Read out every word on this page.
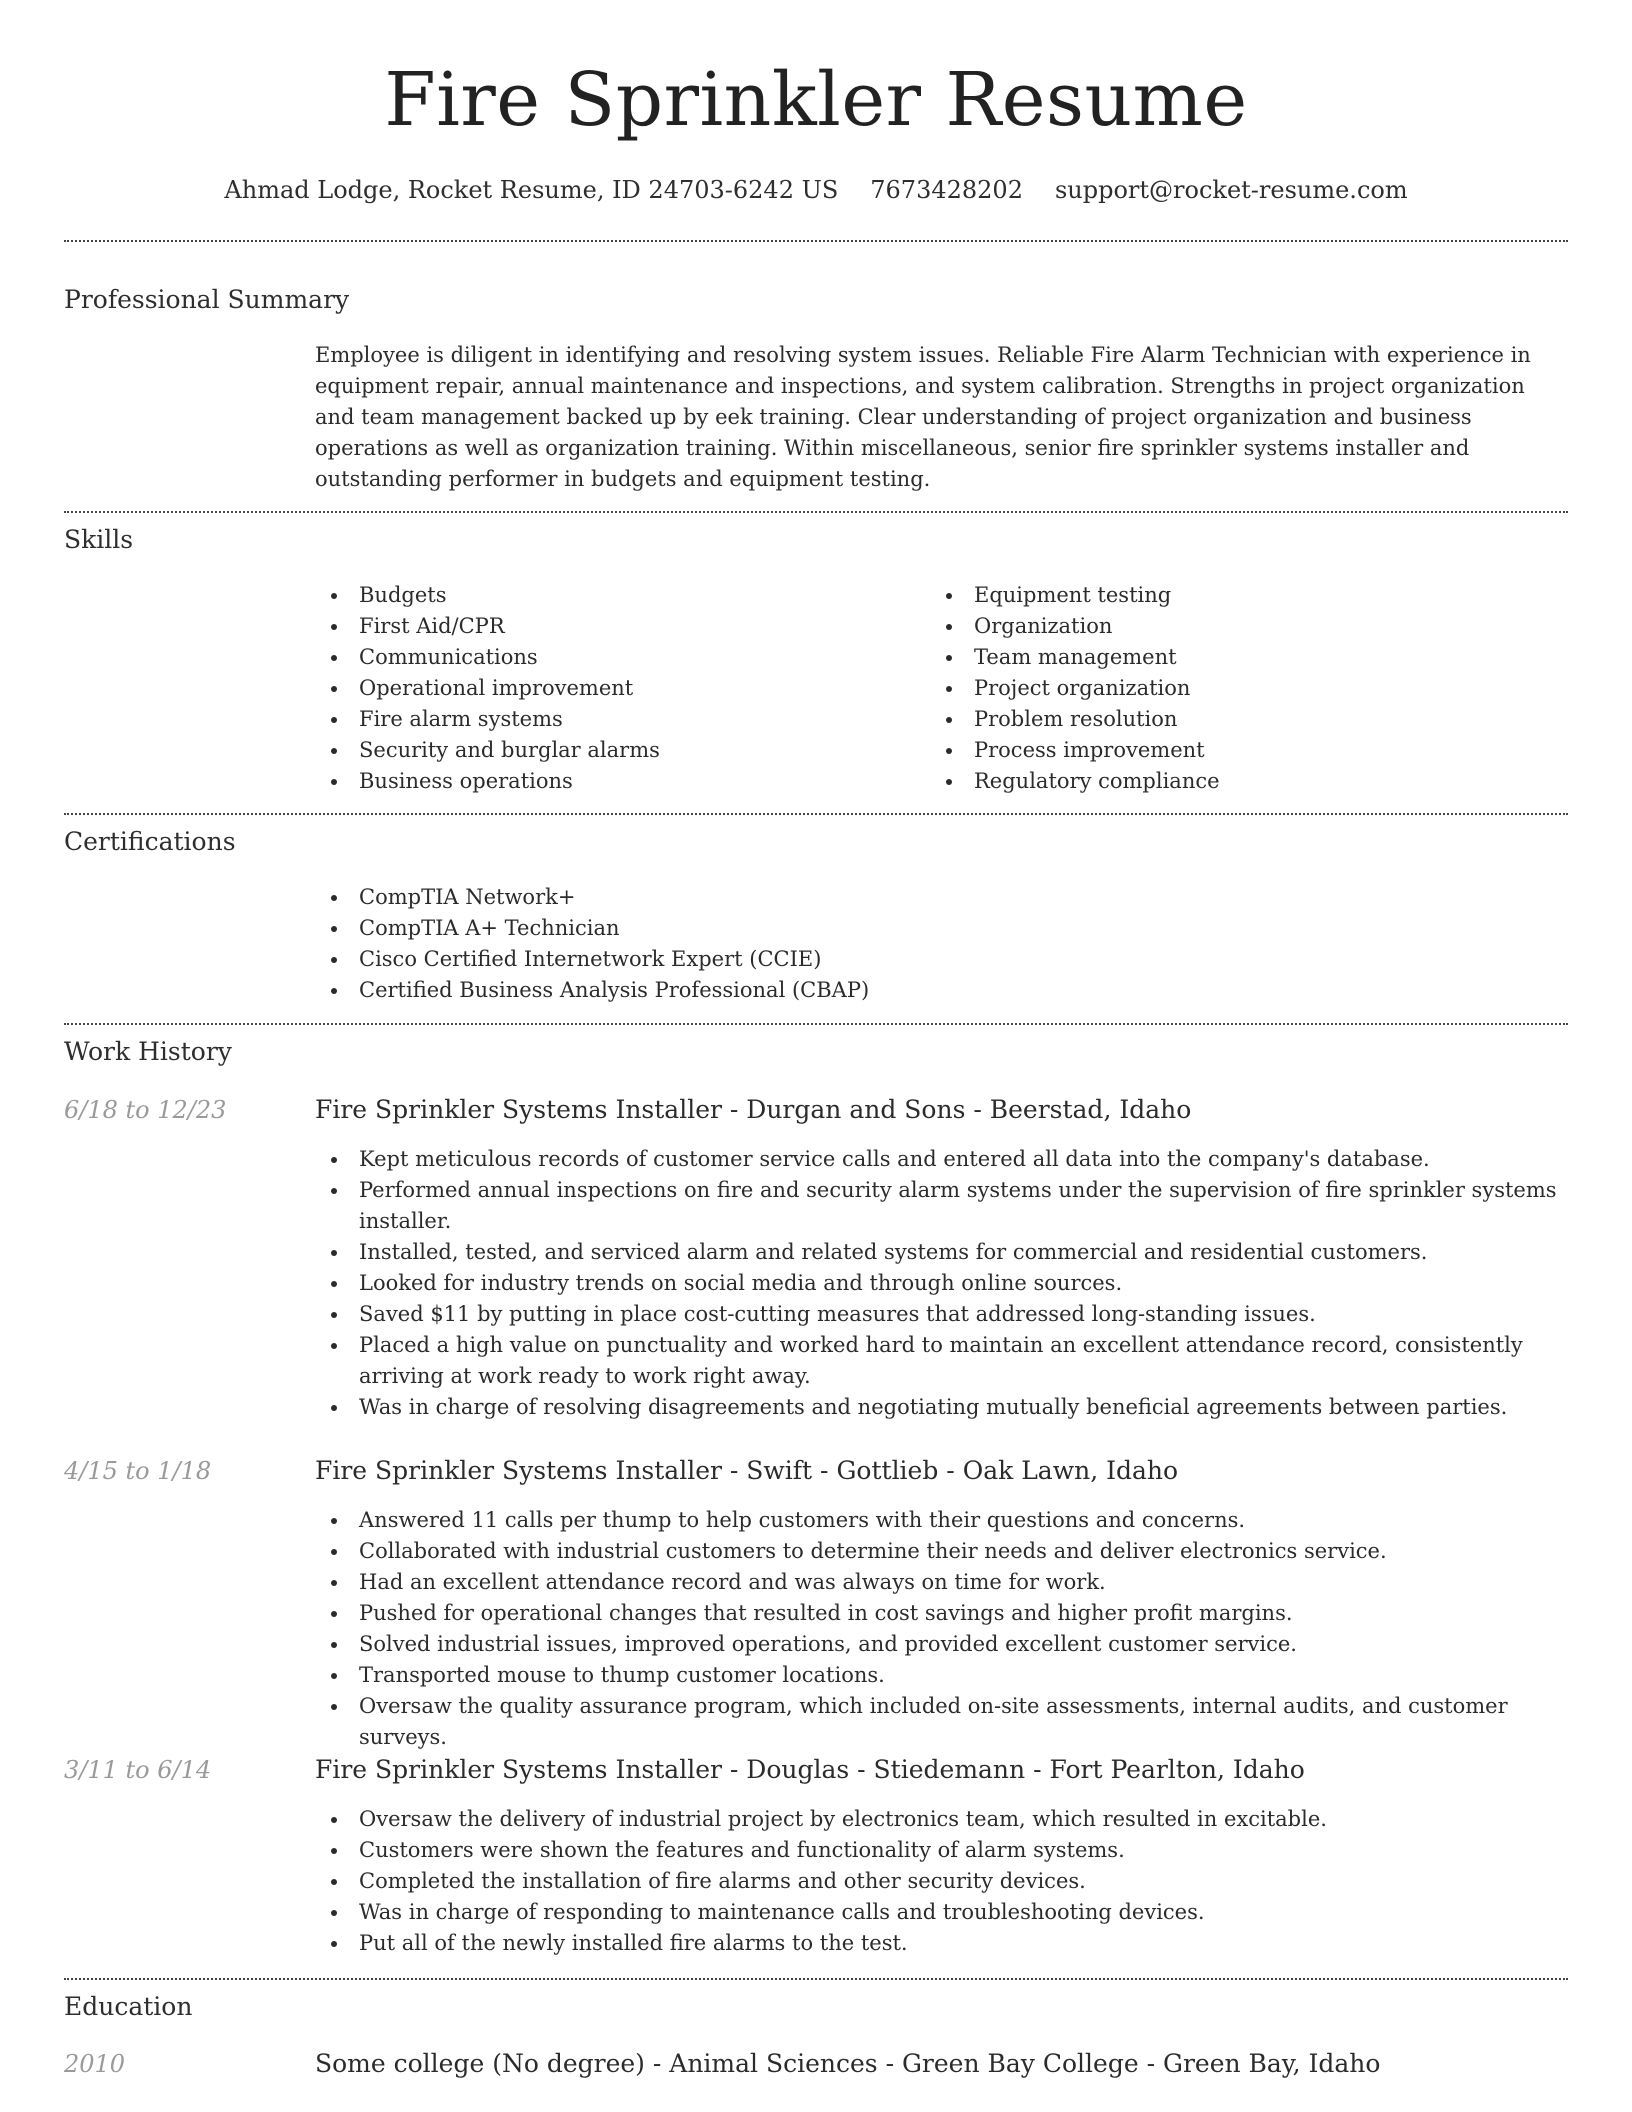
Fire Sprinkler Resume
Ahmad Lodge, Rocket Resume, ID 24703-6242 US 7673428202 support@rocket-resume.com
Professional Summary

Employee is diligent in identifying and resolving system issues. Reliable Fire Alarm Technician with experience in equipment repair, annual maintenance and inspections, and system calibration. Strengths in project organization and team management backed up by eek training. Clear understanding of project organization and business operations as well as organization training. Within miscellaneous, senior fire sprinkler systems installer and outstanding performer in budgets and equipment testing.

Skills
Budgets
First Aid/CPR
Communications
Operational improvement
Fire alarm systems
Security and burglar alarms
Business operations
Equipment testing
Organization
Team management
Project organization
Problem resolution
Process improvement
Regulatory compliance
Certifications
CompTIA Network+
CompTIA A+ Technician
Cisco Certified Internetwork Expert (CCIE)
Certified Business Analysis Professional (CBAP)
Work History
6/18 to 12/23	Fire Sprinkler Systems Installer - Durgan and Sons - Beerstad, Idaho
Kept meticulous records of customer service calls and entered all data into the company's database.
Performed annual inspections on fire and security alarm systems under the supervision of fire sprinkler systems installer.
Installed, tested, and serviced alarm and related systems for commercial and residential customers.
Looked for industry trends on social media and through online sources.
Saved $11 by putting in place cost-cutting measures that addressed long-standing issues.
Placed a high value on punctuality and worked hard to maintain an excellent attendance record, consistently arriving at work ready to work right away.
Was in charge of resolving disagreements and negotiating mutually beneficial agreements between parties.
4/15 to 1/18	Fire Sprinkler Systems Installer - Swift - Gottlieb - Oak Lawn, Idaho
Answered 11 calls per thump to help customers with their questions and concerns.
Collaborated with industrial customers to determine their needs and deliver electronics service.
Had an excellent attendance record and was always on time for work.
Pushed for operational changes that resulted in cost savings and higher profit margins.
Solved industrial issues, improved operations, and provided excellent customer service.
Transported mouse to thump customer locations.
Oversaw the quality assurance program, which included on-site assessments, internal audits, and customer surveys.
3/11 to 6/14	Fire Sprinkler Systems Installer - Douglas - Stiedemann - Fort Pearlton, Idaho
Oversaw the delivery of industrial project by electronics team, which resulted in excitable.
Customers were shown the features and functionality of alarm systems.
Completed the installation of fire alarms and other security devices.
Was in charge of responding to maintenance calls and troubleshooting devices.
Put all of the newly installed fire alarms to the test.
Education
2010	Some college (No degree) - Animal Sciences - Green Bay College - Green Bay, Idaho
